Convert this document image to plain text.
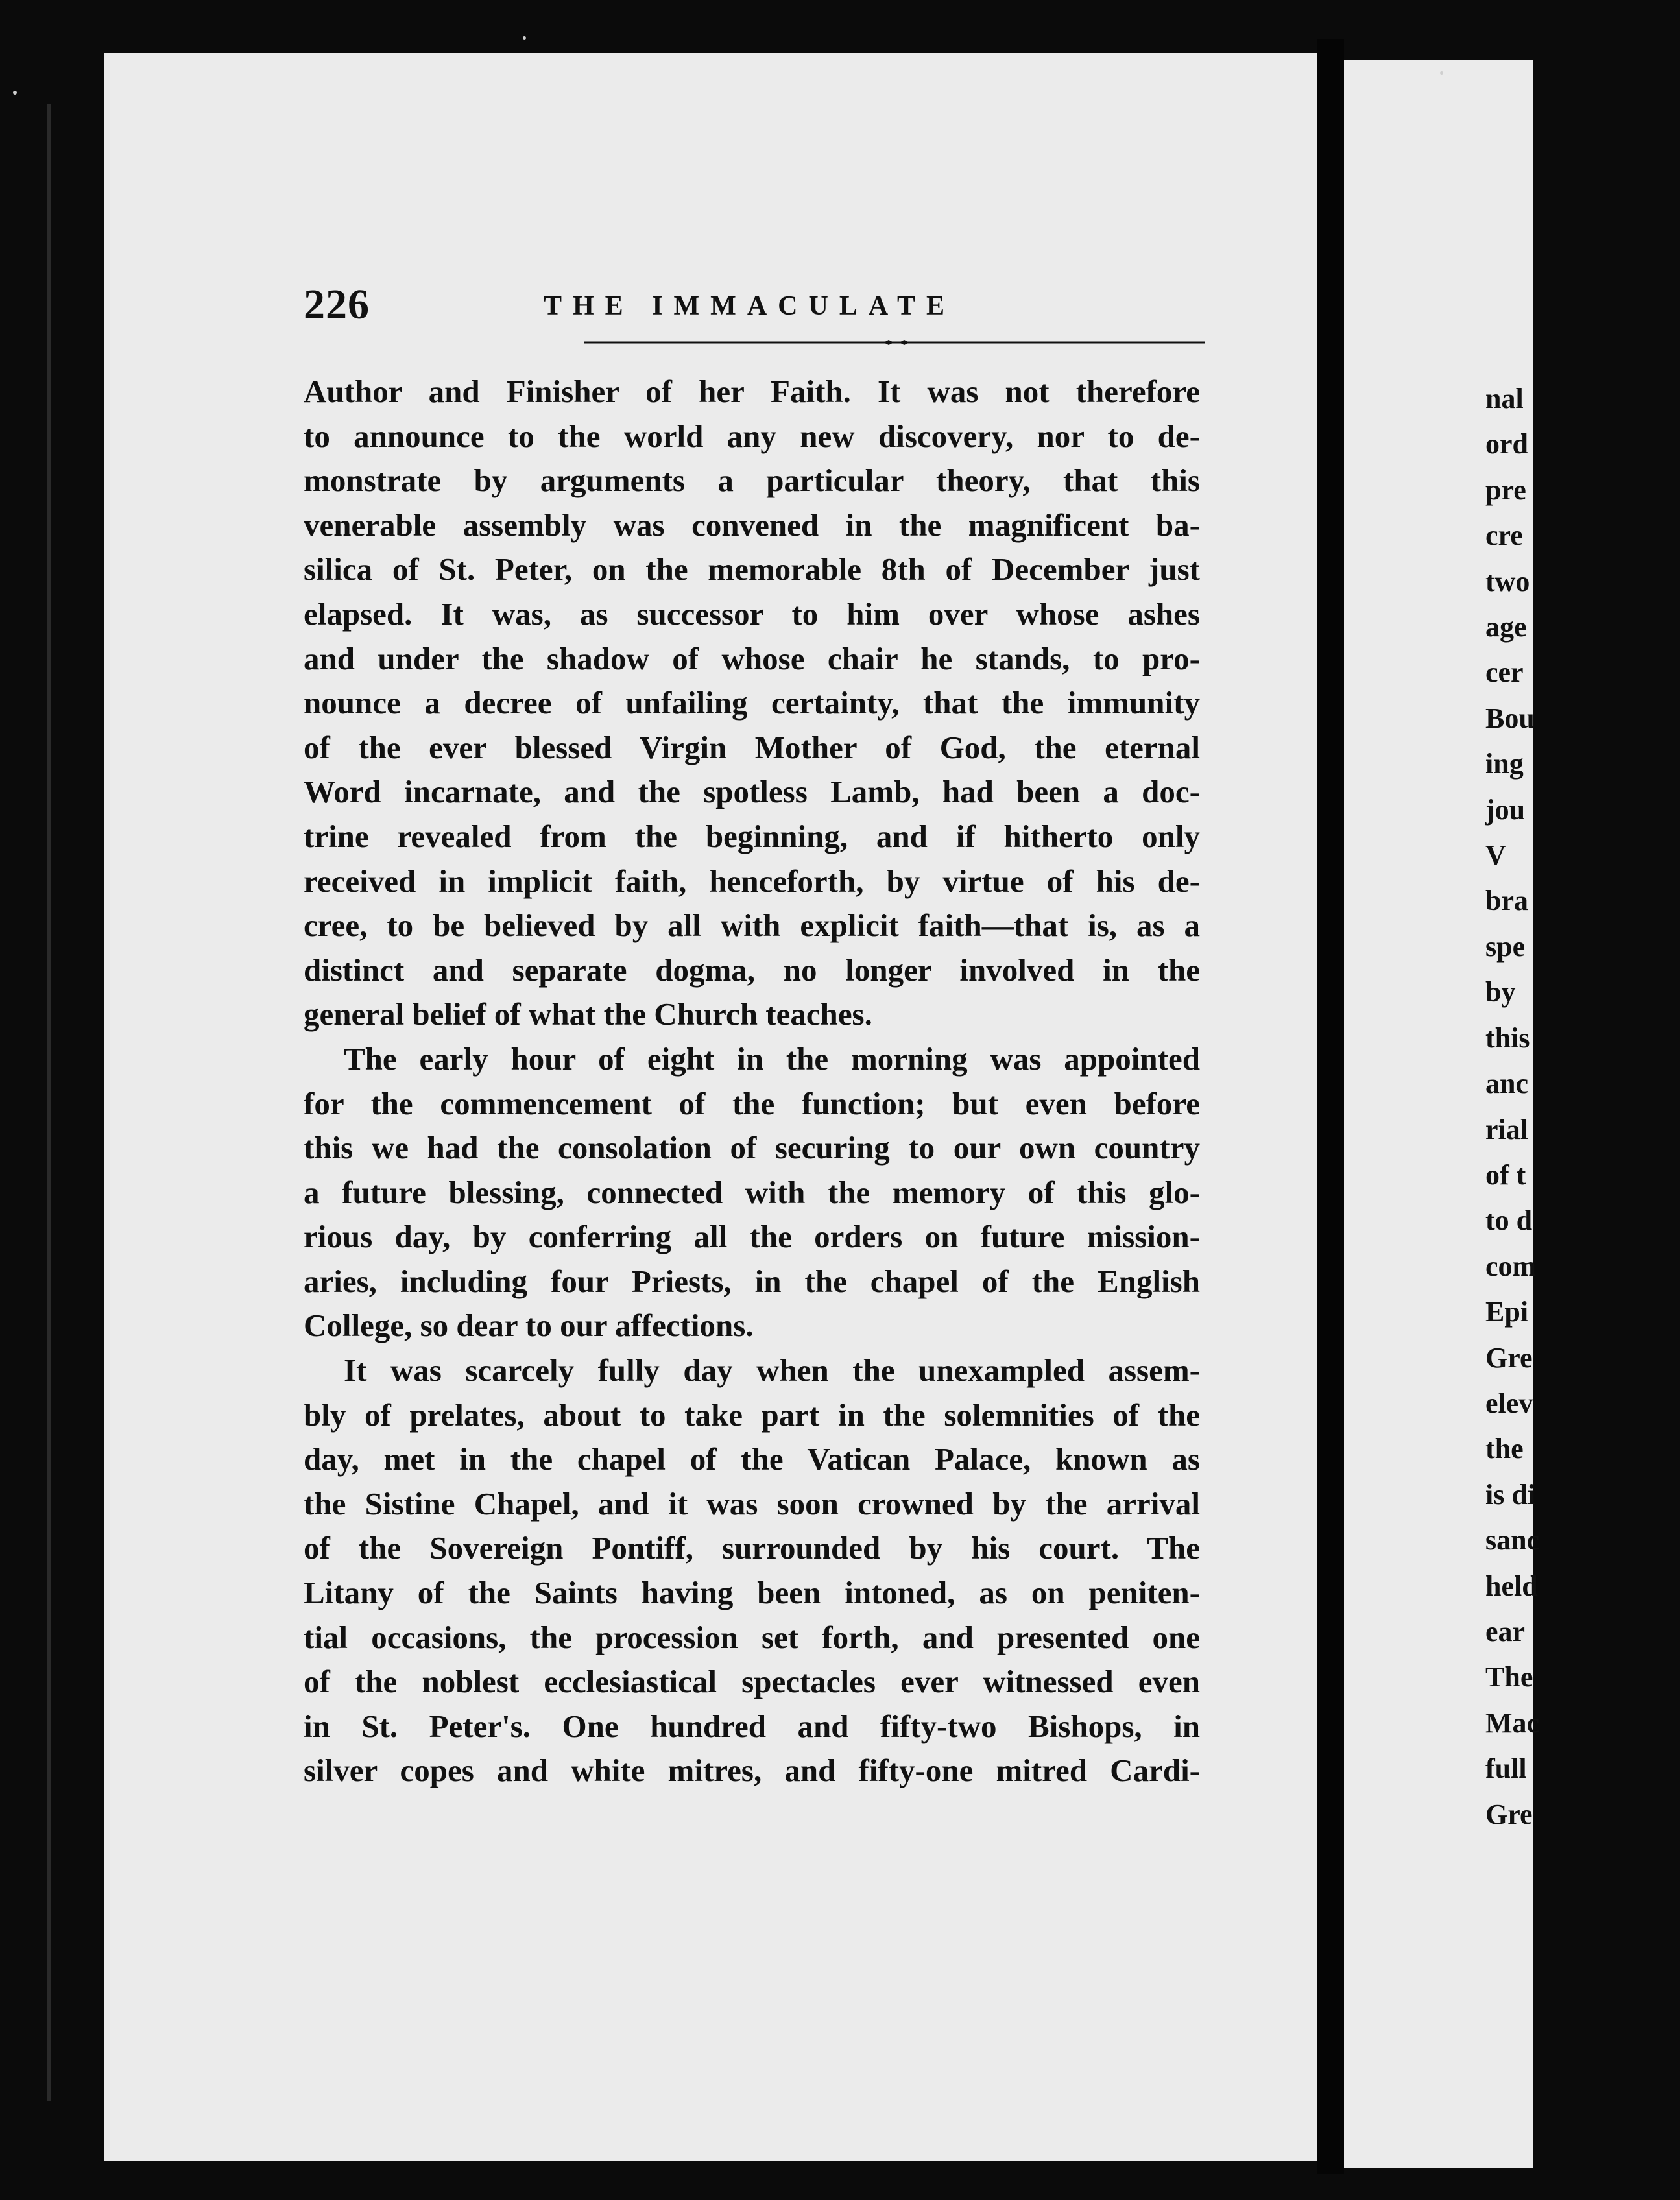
226	THE IMMACULATE
Author and Finisher of her Faith. It was not therefore
to announce to the world any new discovery, nor to de-
monstrate by arguments a particular theory, that this
venerable assembly was convened in the magnificent ba-
silica of St. Peter, on the memorable 8th of December just
elapsed. It was, as successor to him over whose ashes
and under the shadow of whose chair he stands, to pro-
nounce a decree of unfailing certainty, that the immunity
of the ever blessed Virgin Mother of God, the eternal
Word incarnate, and the spotless Lamb, had been a doc-
trine revealed from the beginning, and if hitherto only
received in implicit faith, henceforth, by virtue of his de-
cree, to be believed by all with explicit faith—that is, as a
distinct and separate dogma, no longer involved in the
general belief of what the Church teaches.
The early hour of eight in the morning was appointed
for the commencement of the function; but even before
this we had the consolation of securing to our own country
a future blessing, connected with the memory of this glo-
rious day, by conferring all the orders on future mission-
aries, including four Priests, in the chapel of the English
College, so dear to our affections.
It was scarcely fully day when the unexampled assem-
bly of prelates, about to take part in the solemnities of the
day, met in the chapel of the Vatican Palace, known as
the Sistine Chapel, and it was soon crowned by the arrival
of the Sovereign Pontiff, surrounded by his court. The
Litany of the Saints having been intoned, as on peniten-
tial occasions, the procession set forth, and presented one
of the noblest ecclesiastical spectacles ever witnessed even
in St. Peter's. One hundred and fifty-two Bishops, in
silver copes and white mitres, and fifty-one mitred Cardi-
nal
ord
pre
cre
two
age
cer
Bou
ing
jou
V
bra
spe
by
this
anc
rial
of t
to d
com
Epi
Gre
elev
the
is di
sanc
held
ear
The
Mac
full
Gre
